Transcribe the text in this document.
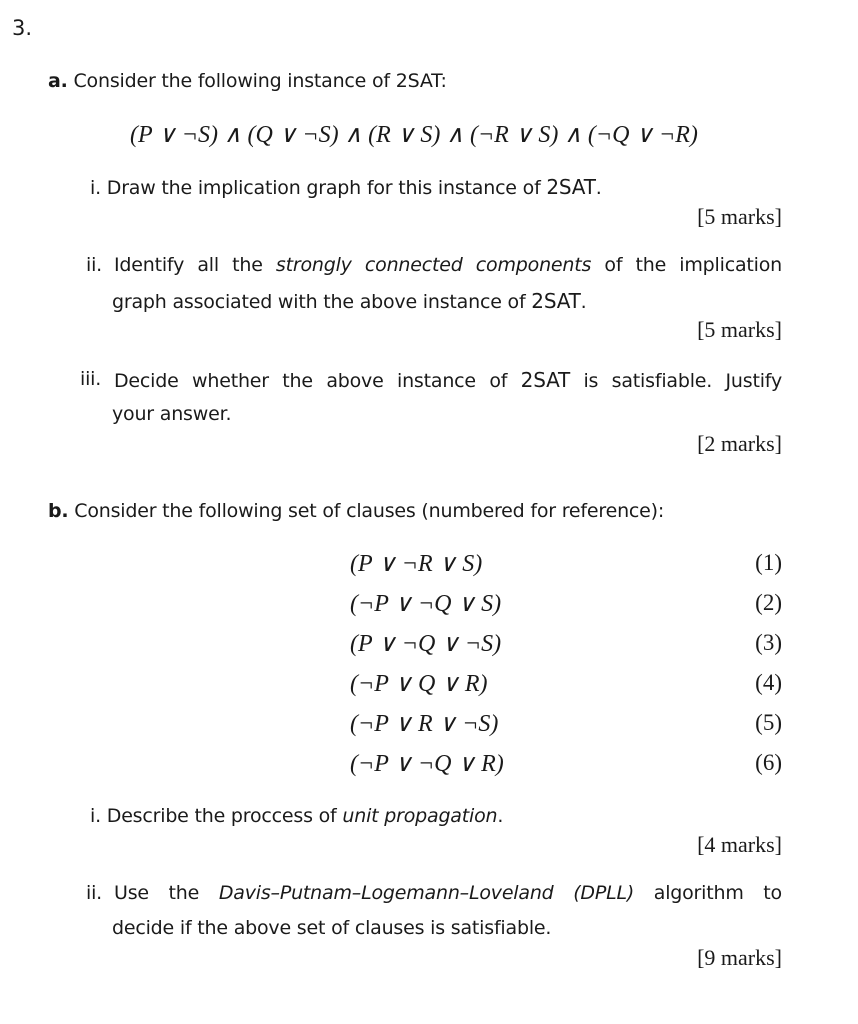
3.
a. Consider the following instance of 2SAT:
(P ∨ ¬S) ∧ (Q ∨ ¬S) ∧ (R ∨ S) ∧ (¬R ∨ S) ∧ (¬Q ∨ ¬R)
i. Draw the implication graph for this instance of 2SAT.
[5 marks]
ii. Identify all the strongly connected components of the implication
graph associated with the above instance of 2SAT.
[5 marks]
iii. Decide whether the above instance of 2SAT is satisfiable. Justify
your answer.
[2 marks]
b. Consider the following set of clauses (numbered for reference):
(P ∨ ¬R ∨ S)	(1)
(¬P ∨ ¬Q ∨ S)	(2)
(P ∨ ¬Q ∨ ¬S)	(3)
(¬P ∨ Q ∨ R)	(4)
(¬P ∨ R ∨ ¬S)	(5)
(¬P ∨ ¬Q ∨ R)	(6)
i. Describe the proccess of unit propagation.
[4 marks]
ii. Use the Davis–Putnam–Logemann–Loveland (DPLL) algorithm to
decide if the above set of clauses is satisfiable.
[9 marks]
